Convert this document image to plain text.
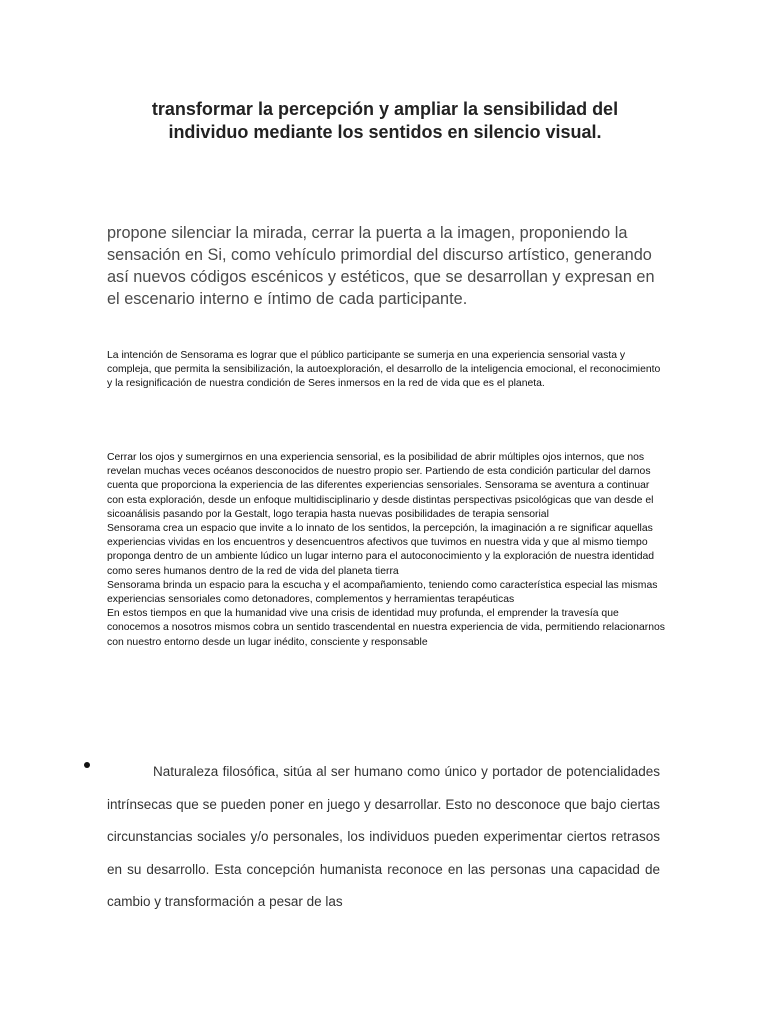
transformar la percepción y ampliar la sensibilidad del individuo mediante los sentidos en silencio visual.
propone silenciar la mirada, cerrar la puerta a la imagen, proponiendo la sensación en Si, como vehículo primordial del discurso artístico, generando así nuevos códigos escénicos y estéticos, que se desarrollan y expresan en el escenario interno e íntimo de cada participante.
La intención de Sensorama es lograr que el público participante se sumerja en una experiencia sensorial vasta y compleja, que permita la sensibilización, la autoexploración, el desarrollo de la inteligencia emocional, el reconocimiento y la resignificación de nuestra condición de Seres inmersos en la red de vida que es el planeta.
Cerrar los ojos y sumergirnos en una experiencia sensorial, es la posibilidad de abrir múltiples ojos internos, que nos revelan muchas veces océanos desconocidos de nuestro propio ser. Partiendo de esta condición particular del darnos cuenta que proporciona la experiencia de las diferentes experiencias sensoriales. Sensorama se aventura a continuar con esta exploración, desde un enfoque multidisciplinario y desde distintas perspectivas psicológicas que van desde el sicoanálisis pasando por la Gestalt, logo terapia hasta nuevas posibilidades de terapia sensorial
Sensorama crea un espacio que invite a lo innato de los sentidos, la percepción, la imaginación a re significar aquellas experiencias vividas en los encuentros y desencuentros afectivos que tuvimos en nuestra vida y que al mismo tiempo proponga dentro de un ambiente lúdico un lugar interno para el autoconocimiento y la exploración de nuestra identidad como seres humanos dentro de la red de vida del planeta tierra
Sensorama brinda un espacio para la escucha y el acompañamiento, teniendo como característica especial las mismas experiencias sensoriales como detonadores, complementos y herramientas terapéuticas
En estos tiempos en que la humanidad vive una crisis de identidad muy profunda, el emprender la travesía que conocemos a nosotros mismos cobra un sentido trascendental en nuestra experiencia de vida, permitiendo relacionarnos con nuestro entorno desde un lugar inédito, consciente y responsable
Naturaleza filosófica, sitúa al ser humano como único y portador de potencialidades intrínsecas que se pueden poner en juego y desarrollar. Esto no desconoce que bajo ciertas circunstancias sociales y/o personales, los individuos pueden experimentar ciertos retrasos en su desarrollo. Esta concepción humanista reconoce en las personas una capacidad de cambio y transformación a pesar de las
